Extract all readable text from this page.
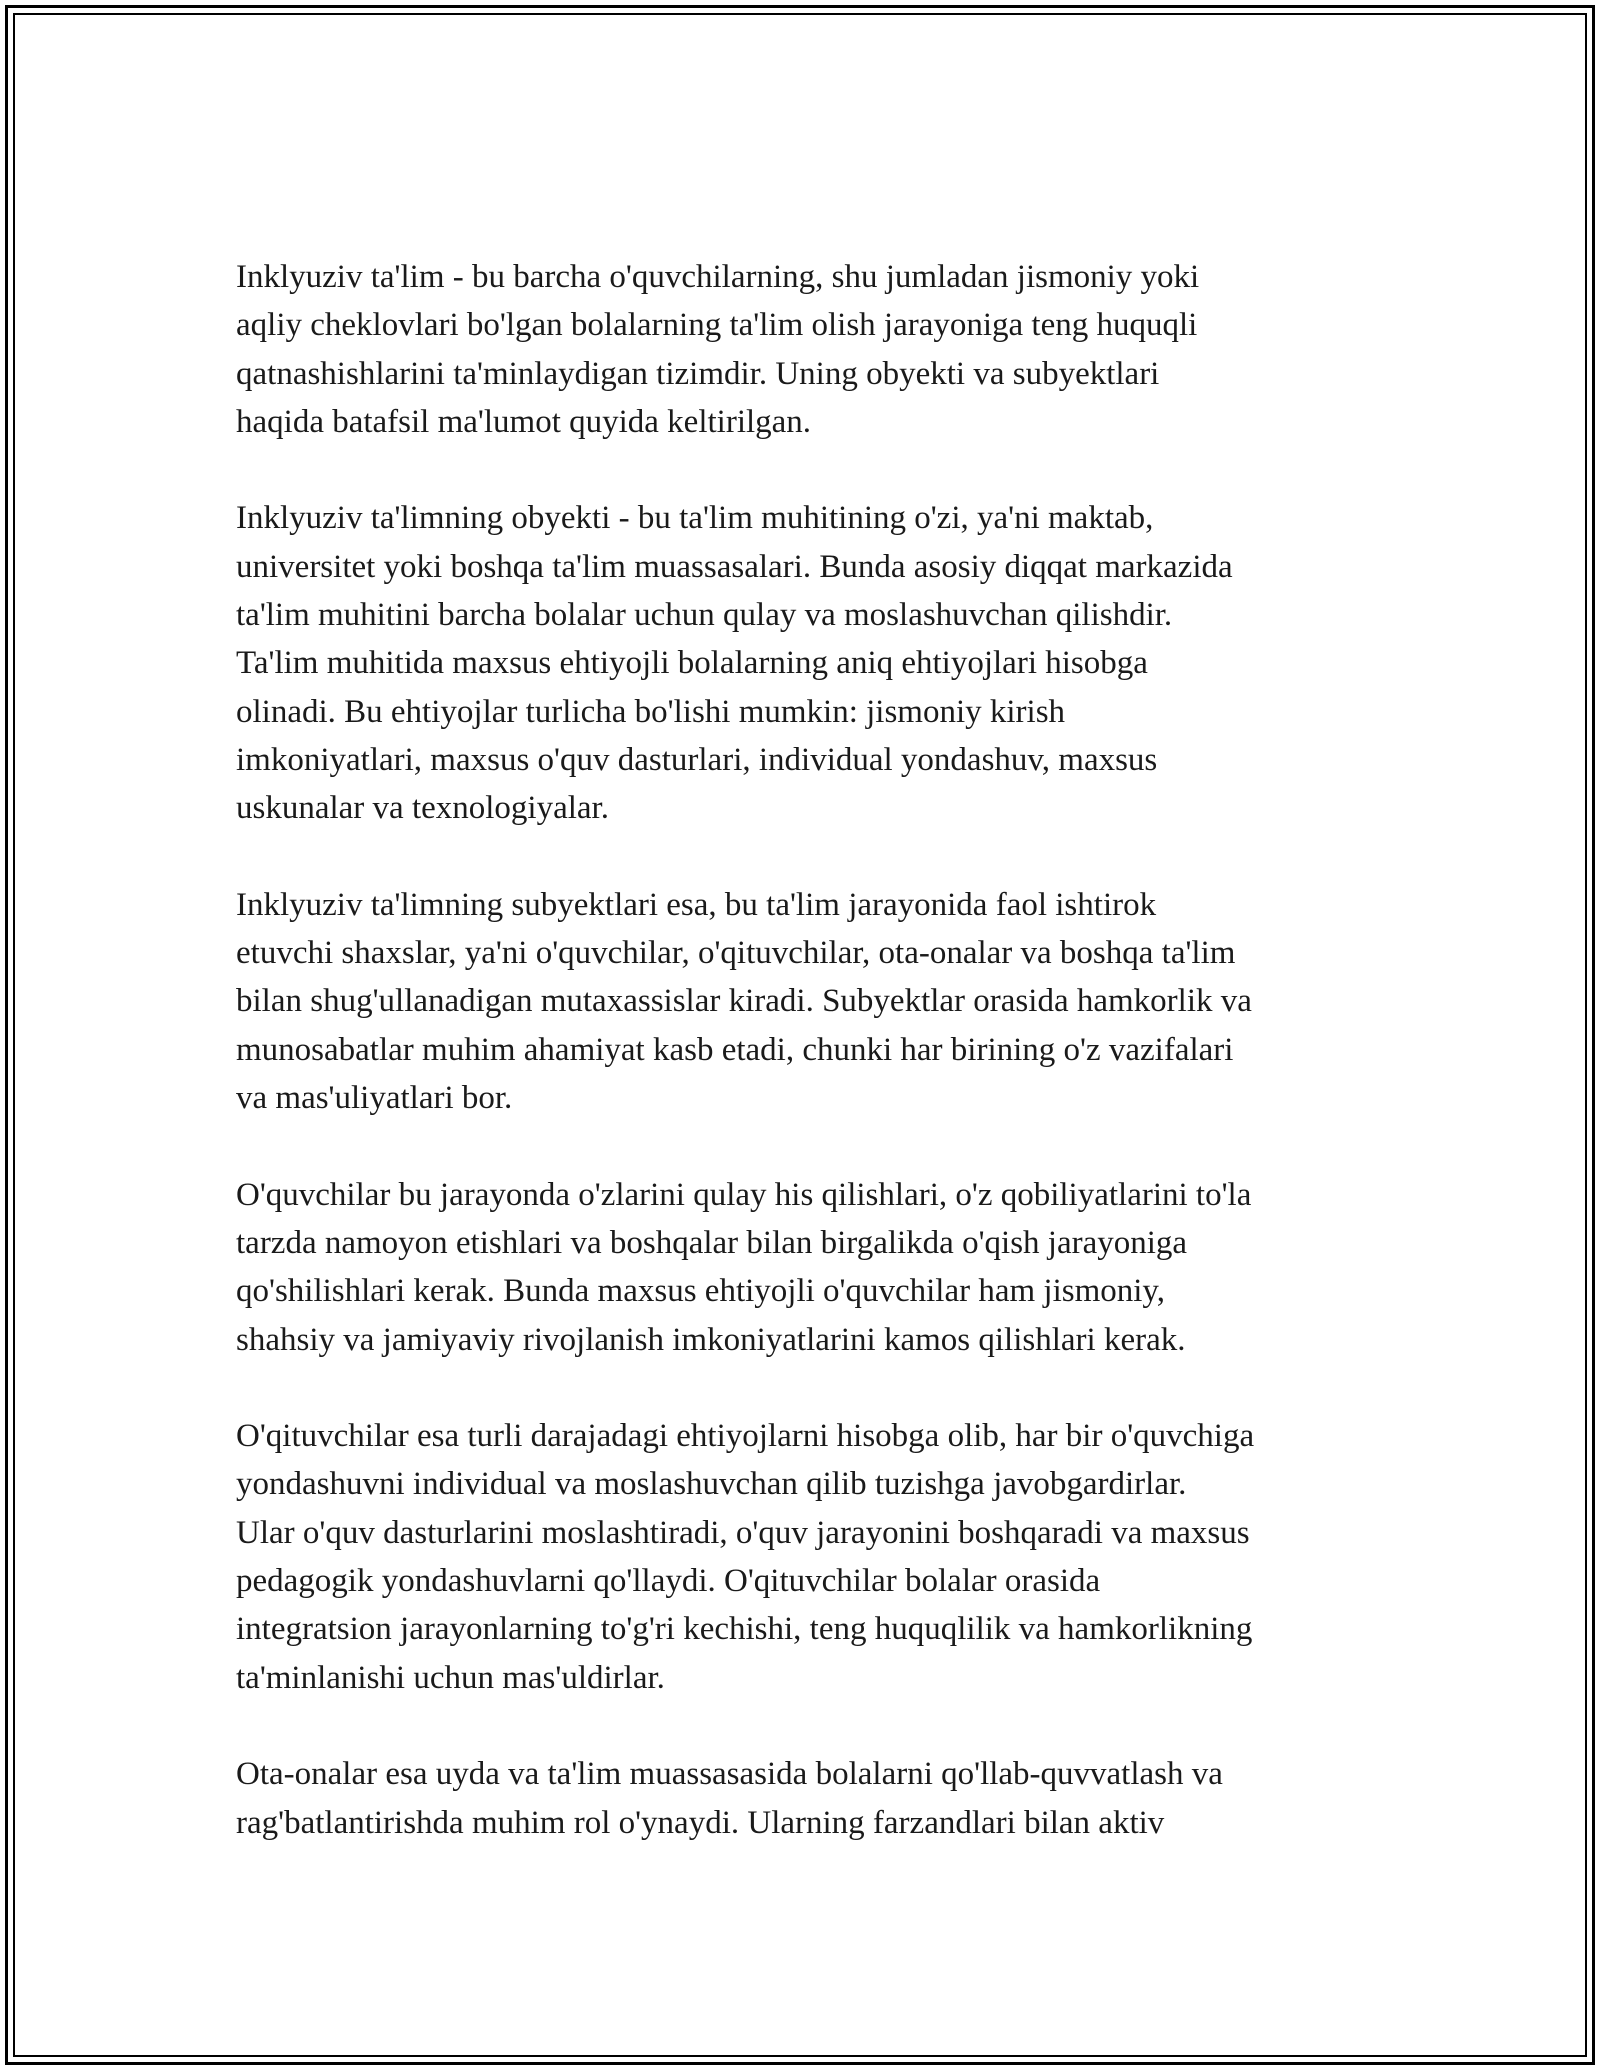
Inklyuziv ta'lim - bu barcha o'quvchilarning, shu jumladan jismoniy yoki
aqliy cheklovlari bo'lgan bolalarning ta'lim olish jarayoniga teng huquqli
qatnashishlarini ta'minlaydigan tizimdir. Uning obyekti va subyektlari
haqida batafsil ma'lumot quyida keltirilgan.

Inklyuziv ta'limning obyekti - bu ta'lim muhitining o'zi, ya'ni maktab,
universitet yoki boshqa ta'lim muassasalari. Bunda asosiy diqqat markazida
ta'lim muhitini barcha bolalar uchun qulay va moslashuvchan qilishdir.
Ta'lim muhitida maxsus ehtiyojli bolalarning aniq ehtiyojlari hisobga
olinadi. Bu ehtiyojlar turlicha bo'lishi mumkin: jismoniy kirish
imkoniyatlari, maxsus o'quv dasturlari, individual yondashuv, maxsus
uskunalar va texnologiyalar.

Inklyuziv ta'limning subyektlari esa, bu ta'lim jarayonida faol ishtirok
etuvchi shaxslar, ya'ni o'quvchilar, o'qituvchilar, ota-onalar va boshqa ta'lim
bilan shug'ullanadigan mutaxassislar kiradi. Subyektlar orasida hamkorlik va
munosabatlar muhim ahamiyat kasb etadi, chunki har birining o'z vazifalari
va mas'uliyatlari bor.

O'quvchilar bu jarayonda o'zlarini qulay his qilishlari, o'z qobiliyatlarini to'la
tarzda namoyon etishlari va boshqalar bilan birgalikda o'qish jarayoniga
qo'shilishlari kerak. Bunda maxsus ehtiyojli o'quvchilar ham jismoniy,
shahsiy va jamiyaviy rivojlanish imkoniyatlarini kamos qilishlari kerak.

O'qituvchilar esa turli darajadagi ehtiyojlarni hisobga olib, har bir o'quvchiga
yondashuvni individual va moslashuvchan qilib tuzishga javobgardirlar.
Ular o'quv dasturlarini moslashtiradi, o'quv jarayonini boshqaradi va maxsus
pedagogik yondashuvlarni qo'llaydi. O'qituvchilar bolalar orasida
integratsion jarayonlarning to'g'ri kechishi, teng huquqlilik va hamkorlikning
ta'minlanishi uchun mas'uldirlar.

Ota-onalar esa uyda va ta'lim muassasasida bolalarni qo'llab-quvvatlash va
rag'batlantirishda muhim rol o'ynaydi. Ularning farzandlari bilan aktiv
